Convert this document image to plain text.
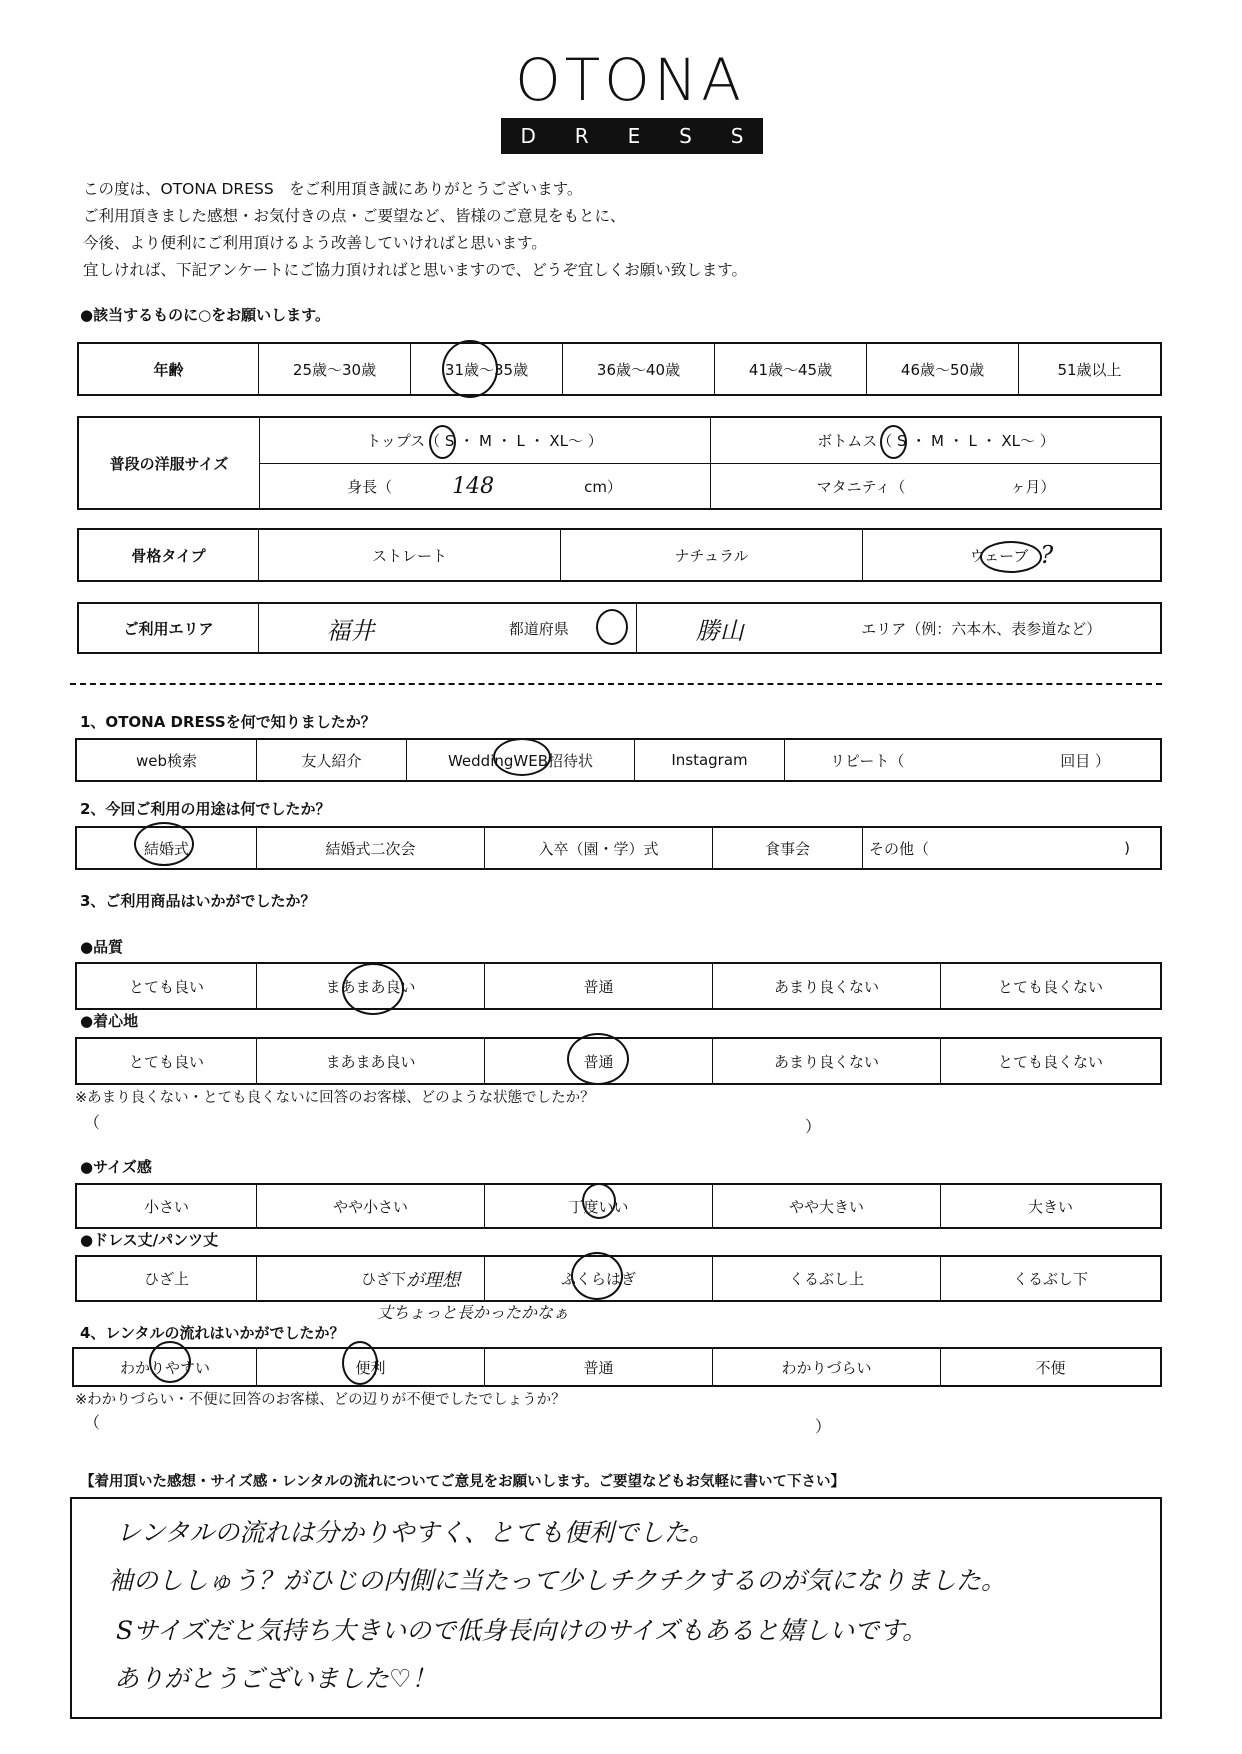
OTONA
D R E S S
この度は、OTONA DRESS　をご利用頂き誠にありがとうございます。
ご利用頂きました感想・お気付きの点・ご要望など、皆様のご意見をもとに、
今後、より便利にご利用頂けるよう改善していければと思います。
宜しければ、下記アンケートにご協力頂ければと思いますので、どうぞ宜しくお願い致します。
●該当するものに○をお願いします。
年齢	25歳〜30歳	31歳〜35歳	36歳〜40歳	41歳〜45歳	46歳〜50歳	51歳以上
普段の洋服サイズ
トップス（ S ・ M ・ L ・ XL〜 ）	ボトムス（ S ・ M ・ L ・ XL〜 ）
身長（	148	cm）	マタニティ（　　　　　　　ヶ月）
骨格タイプ	ストレート	ナチュラル	ウェーブ ?
ご利用エリア	福井	都道府県	勝山	エリア（例：六本木、表参道など）
1、OTONA DRESSを何で知りましたか？
web検索	友人紹介	WeddingWEB招待状	Instagram	リピート（	回目 ）
2、今回ご利用の用途は何でしたか？
結婚式	結婚式二次会	入卒（園・学）式	食事会	その他（	)
3、ご利用商品はいかがでしたか？
●品質
とても良い	まあまあ良い	普通	あまり良くない	とても良くない
●着心地
とても良い	まあまあ良い	普通	あまり良くない	とても良くない
※あまり良くない・とても良くないに回答のお客様、どのような状態でしたか？
（	）
●サイズ感
小さい	やや小さい	丁度いい	やや大きい	大きい
●ドレス丈/パンツ丈
ひざ上	ひざ下 が理想	ふくらはぎ	くるぶし上	くるぶし下
丈ちょっと長かったかなぁ
4、レンタルの流れはいかがでしたか？
わかりやすい	便利	普通	わかりづらい	不便
※わかりづらい・不便に回答のお客様、どの辺りが不便でしたでしょうか？
（	）
【着用頂いた感想・サイズ感・レンタルの流れについてご意見をお願いします。ご要望などもお気軽に書いて下さい】
レンタルの流れは分かりやすく、とても便利でした。
袖のししゅう？がひじの内側に当たって少しチクチクするのが気になりました。
Sサイズだと気持ち大きいので低身長向けのサイズもあると嬉しいです。
ありがとうございました♡！
